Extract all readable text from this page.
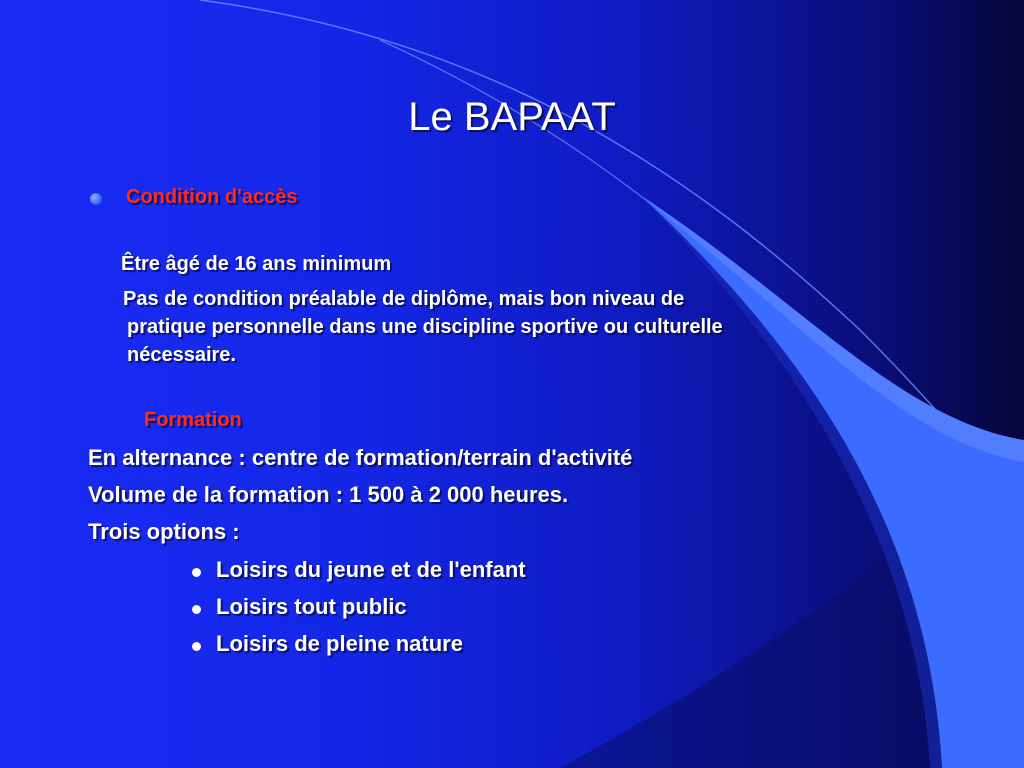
Le BAPAAT
Condition d'accès
Être âgé de 16 ans minimum
Pas de condition préalable de diplôme, mais bon niveau de
pratique personnelle dans une discipline sportive ou culturelle
nécessaire.
Formation
En alternance : centre de formation/terrain d'activité
Volume de la formation : 1 500 à 2 000 heures.
Trois options :
Loisirs du jeune et de l'enfant
Loisirs tout public
Loisirs de pleine nature
